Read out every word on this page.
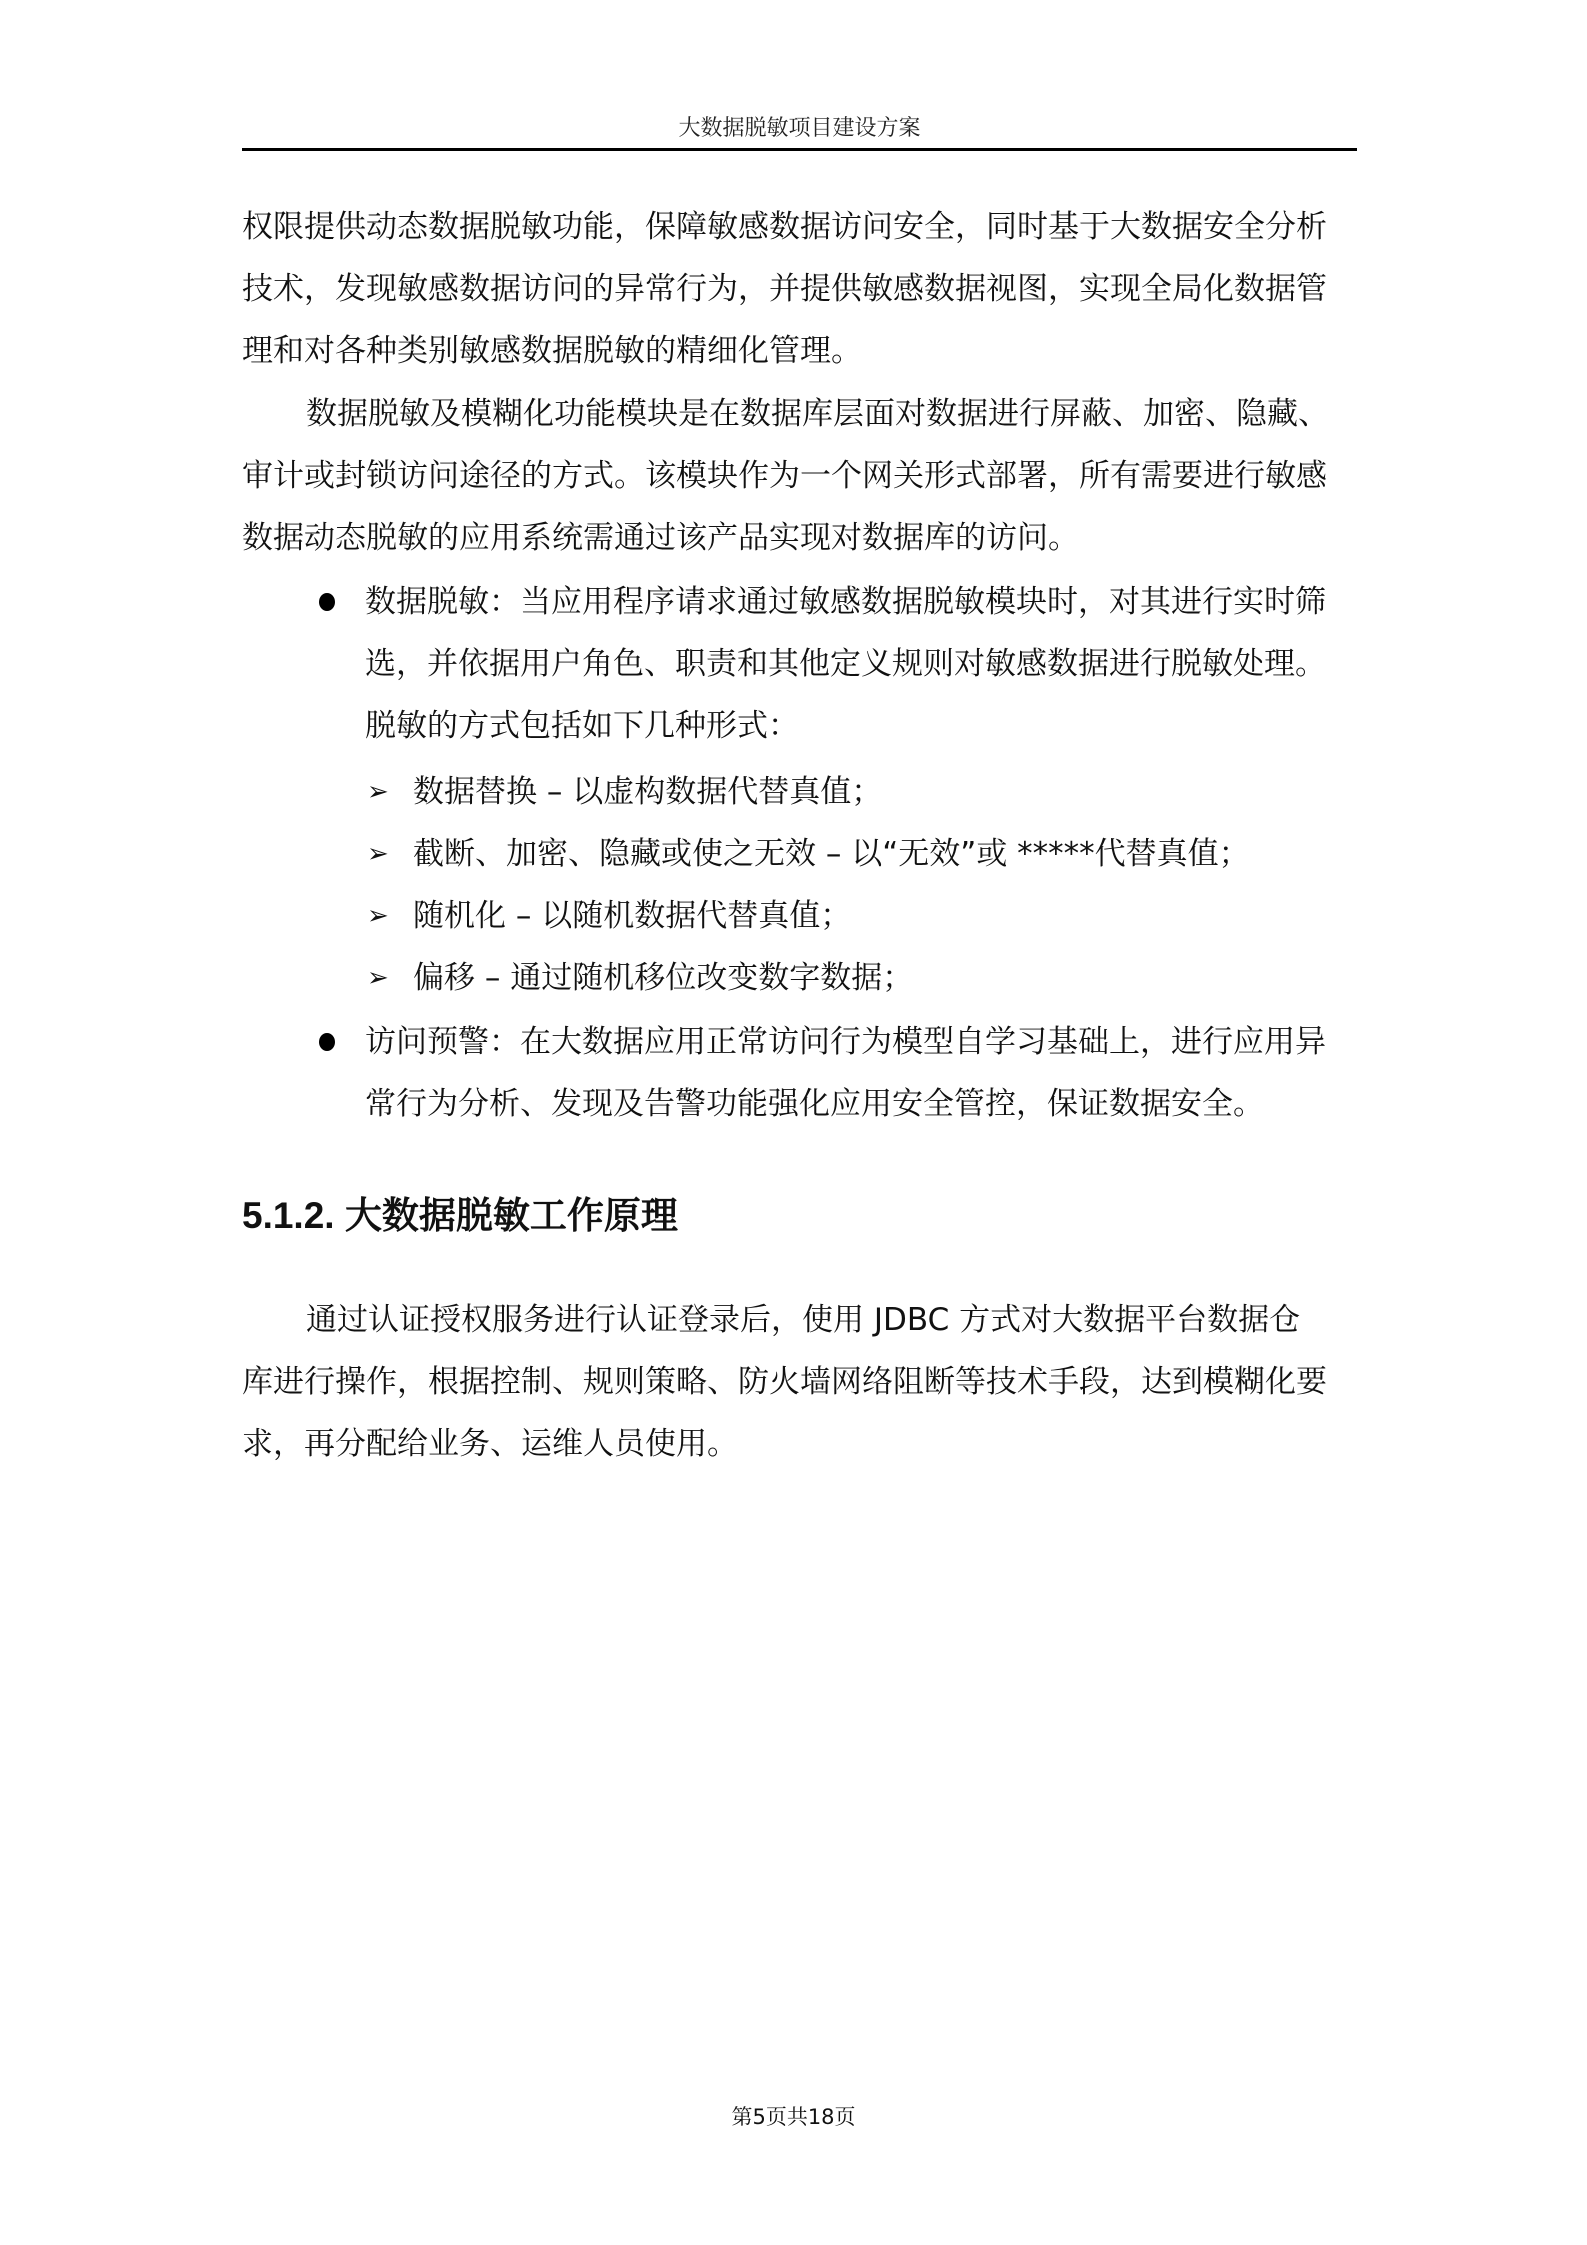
大数据脱敏项目建设方案
权限提供动态数据脱敏功能，保障敏感数据访问安全，同时基于大数据安全分析
技术，发现敏感数据访问的异常行为，并提供敏感数据视图，实现全局化数据管
理和对各种类别敏感数据脱敏的精细化管理。
数据脱敏及模糊化功能模块是在数据库层面对数据进行屏蔽、加密、隐藏、
审计或封锁访问途径的方式。该模块作为一个网关形式部署，所有需要进行敏感
数据动态脱敏的应用系统需通过该产品实现对数据库的访问。
数据脱敏：当应用程序请求通过敏感数据脱敏模块时，对其进行实时筛
选，并依据用户角色、职责和其他定义规则对敏感数据进行脱敏处理。
脱敏的方式包括如下几种形式：
➢ 数据替换 – 以虚构数据代替真值；
➢ 截断、加密、隐藏或使之无效 – 以“无效”或 *****代替真值；
➢ 随机化 – 以随机数据代替真值；
➢ 偏移 – 通过随机移位改变数字数据；
访问预警：在大数据应用正常访问行为模型自学习基础上，进行应用异
常行为分析、发现及告警功能强化应用安全管控，保证数据安全。
5.1.2. 大数据脱敏工作原理
通过认证授权服务进行认证登录后，使用 JDBC 方式对大数据平台数据仓
库进行操作，根据控制、规则策略、防火墙网络阻断等技术手段，达到模糊化要
求，再分配给业务、运维人员使用。
第5页共18页
